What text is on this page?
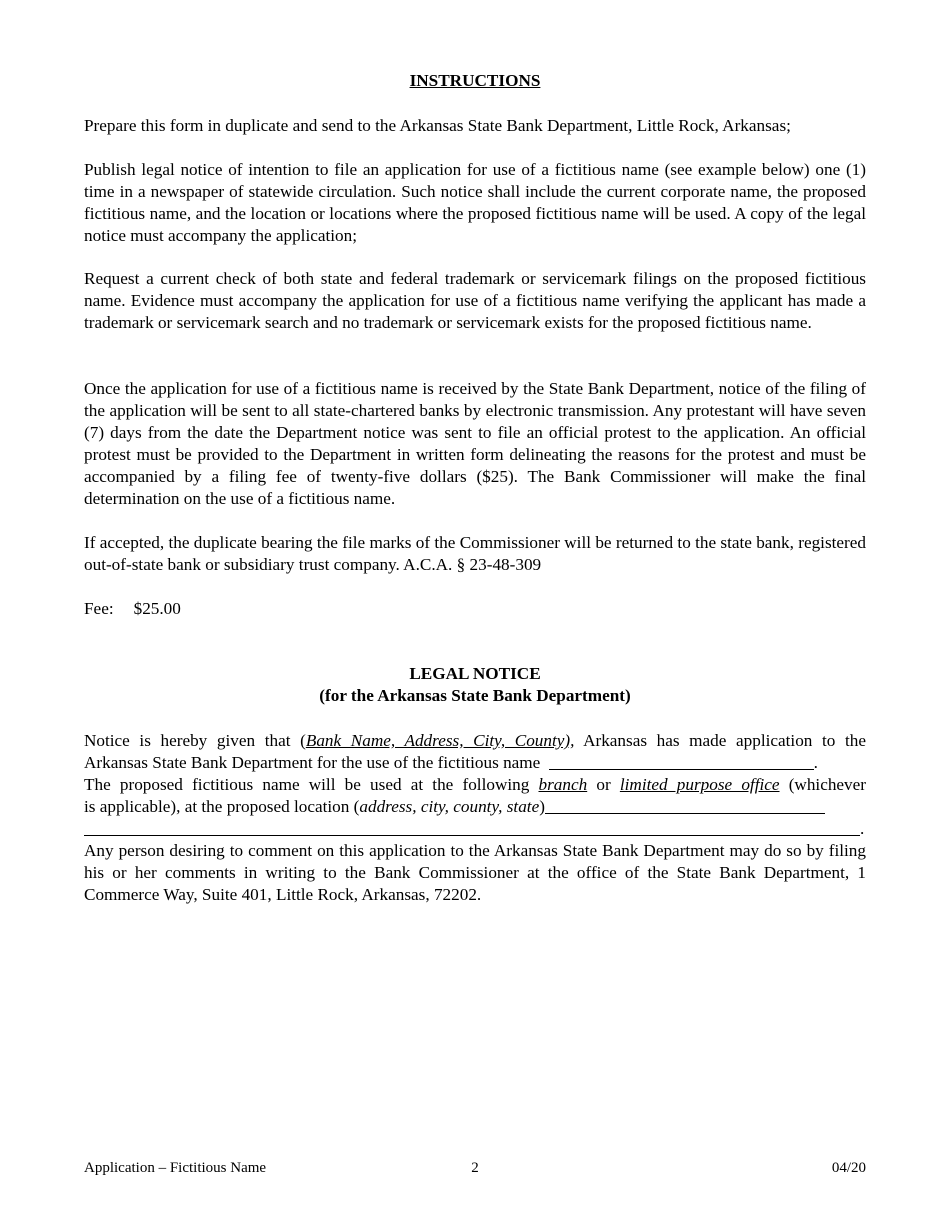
INSTRUCTIONS

Prepare this form in duplicate and send to the Arkansas State Bank Department, Little Rock, Arkansas;

Publish legal notice of intention to file an application for use of a fictitious name (see example below) one (1) time in a newspaper of statewide circulation. Such notice shall include the current corporate name, the proposed fictitious name, and the location or locations where the proposed fictitious name will be used. A copy of the legal notice must accompany the application;

Request a current check of both state and federal trademark or servicemark filings on the proposed fictitious name. Evidence must accompany the application for use of a fictitious name verifying the applicant has made a trademark or servicemark search and no trademark or servicemark exists for the proposed fictitious name.

Once the application for use of a fictitious name is received by the State Bank Department, notice of the filing of the application will be sent to all state-chartered banks by electronic transmission. Any protestant will have seven (7) days from the date the Department notice was sent to file an official protest to the application. An official protest must be provided to the Department in written form delineating the reasons for the protest and must be accompanied by a filing fee of twenty-five dollars ($25). The Bank Commissioner will make the final determination on the use of a fictitious name.

If accepted, the duplicate bearing the file marks of the Commissioner will be returned to the state bank, registered out-of-state bank or subsidiary trust company. A.C.A. § 23-48-309

Fee: $25.00
LEGAL NOTICE
(for the Arkansas State Bank Department)
Notice is hereby given that (Bank Name, Address, City, County), Arkansas has made application to the
Arkansas State Bank Department for the use of the fictitious name	.
The proposed fictitious name will be used at the following branch or limited purpose office (whichever
is applicable), at the proposed location (address, city, county, state)
.

Any person desiring to comment on this application to the Arkansas State Bank Department may do so by filing his or her comments in writing to the Bank Commissioner at the office of the State Bank Department, 1 Commerce Way, Suite 401, Little Rock, Arkansas, 72202.

Application – Fictitious Name	2	04/20
